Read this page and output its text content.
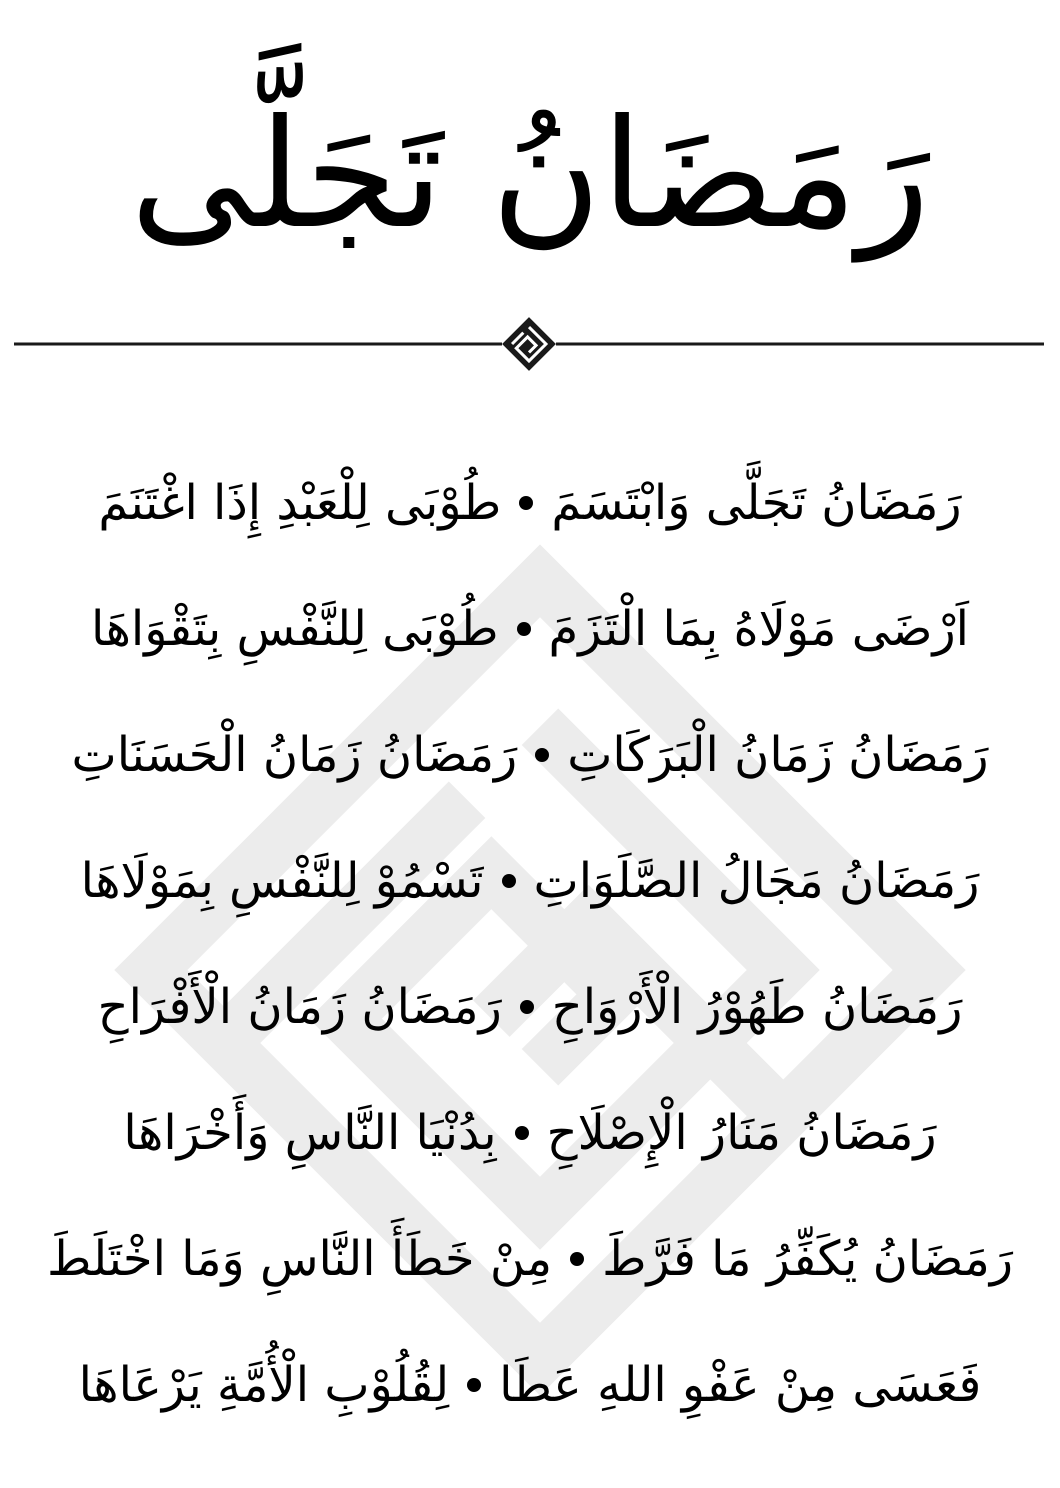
رَمَضَانُ تَجَلَّى
رَمَضَانُ تَجَلَّى وَابْتَسَمَ
طُوْبَى لِلْعَبْدِ إِذَا اغْتَنَمَ
اَرْضَى مَوْلَاهُ بِمَا الْتَزَمَ
طُوْبَى لِلنَّفْسِ بِتَقْوَاهَا
رَمَضَانُ زَمَانُ الْبَرَكَاتِ
رَمَضَانُ زَمَانُ الْحَسَنَاتِ
رَمَضَانُ مَجَالُ الصَّلَوَاتِ
تَسْمُوْ لِلنَّفْسِ بِمَوْلَاهَا
رَمَضَانُ طَهُوْرُ الْأَرْوَاحِ
رَمَضَانُ زَمَانُ الْأَفْرَاحِ
رَمَضَانُ مَنَارُ الْإِصْلَاحِ
بِدُنْيَا النَّاسِ وَأَخْرَاهَا
رَمَضَانُ يُكَفِّرُ مَا فَرَّطَ
مِنْ خَطَأَ النَّاسِ وَمَا اخْتَلَطَ
فَعَسَى مِنْ عَفْوِ اللهِ عَطَا
لِقُلُوْبِ الْأُمَّةِ يَرْعَاهَا
